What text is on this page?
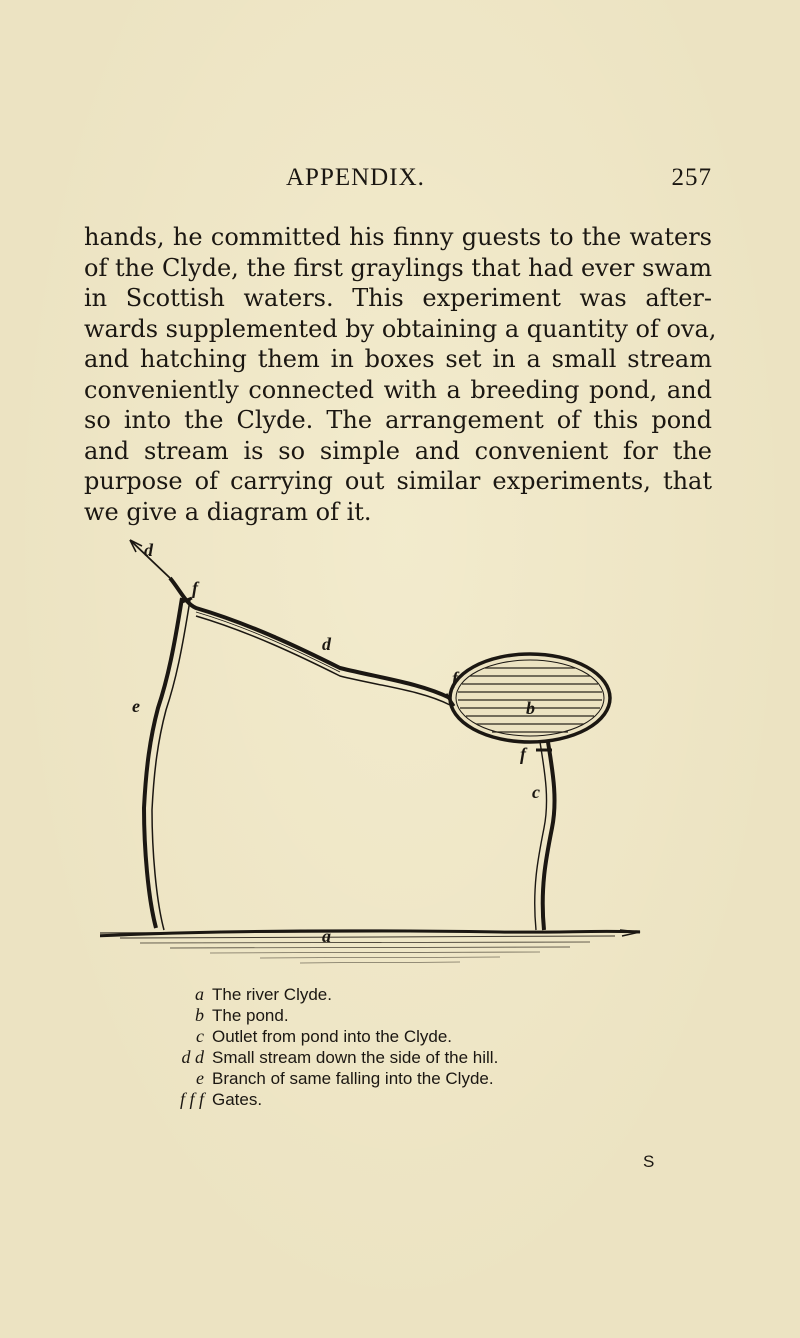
APPENDIX.	257
hands, he committed his finny guests to the waters
of the Clyde, the first graylings that had ever swam
in Scottish waters. This experiment was after-
wards supplemented by obtaining a quantity of ova,
and hatching them in boxes set in a small stream
conveniently connected with a breeding pond, and
so into the Clyde. The arrangement of this pond
and stream is so simple and convenient for the
purpose of carrying out similar experiments, that
we give a diagram of it.
d
f
d
f
b
f
e
c
a
a The river Clyde.
b The pond.
c Outlet from pond into the Clyde.
d d Small stream down the side of the hill.
e Branch of same falling into the Clyde.
f f f Gates.
S
